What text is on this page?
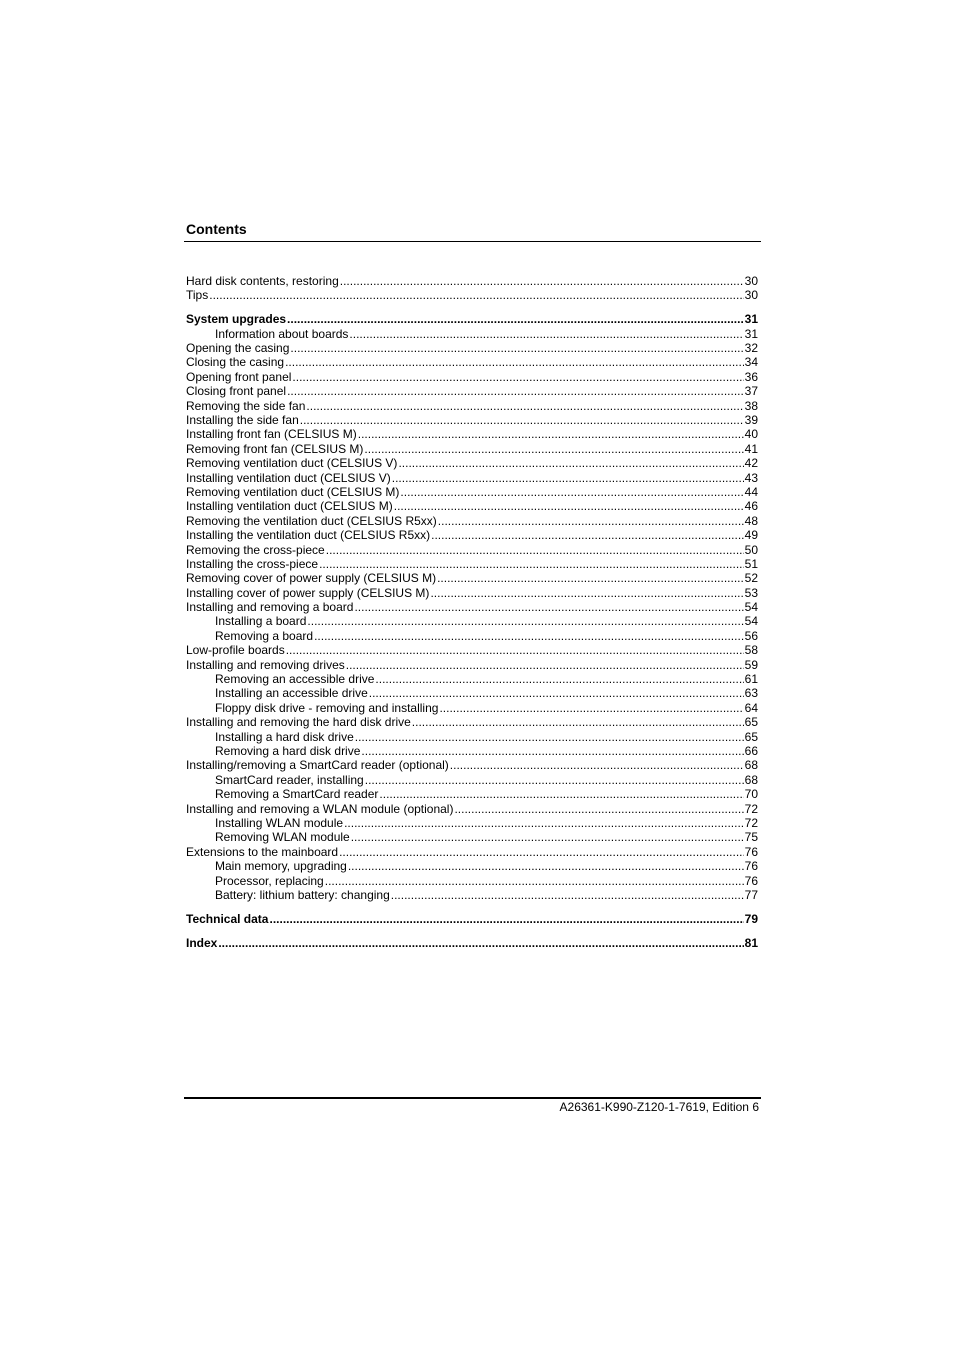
Contents
Hard disk contents, restoring .....	30
Tips .....	30
System upgrades .....	31
Information about boards .....	31
Opening the casing .....	32
Closing the casing .....	34
Opening front panel .....	36
Closing front panel .....	37
Removing the side fan .....	38
Installing the side fan .....	39
Installing front fan (CELSIUS M) .....	40
Removing front fan (CELSIUS M) .....	41
Removing ventilation duct (CELSIUS V) .....	42
Installing ventilation duct (CELSIUS V) .....	43
Removing ventilation duct (CELSIUS M) .....	44
Installing ventilation duct (CELSIUS M) .....	46
Removing the ventilation duct (CELSIUS R5xx) .....	48
Installing the ventilation duct (CELSIUS R5xx) .....	49
Removing the cross-piece .....	50
Installing the cross-piece .....	51
Removing cover of power supply (CELSIUS M) .....	52
Installing cover of power supply (CELSIUS M) .....	53
Installing and removing a board .....	54
Installing a board .....	54
Removing a board .....	56
Low-profile boards .....	58
Installing and removing drives .....	59
Removing an accessible drive .....	61
Installing an accessible drive .....	63
Floppy disk drive - removing and installing .....	64
Installing and removing the hard disk drive .....	65
Installing a hard disk drive .....	65
Removing a hard disk drive .....	66
Installing/removing a SmartCard reader (optional) .....	68
SmartCard reader, installing .....	68
Removing a SmartCard reader .....	70
Installing and removing a WLAN module (optional) .....	72
Installing WLAN module .....	72
Removing WLAN module .....	75
Extensions to the mainboard .....	76
Main memory, upgrading .....	76
Processor, replacing .....	76
Battery: lithium battery: changing .....	77
Technical data .....	79
Index .....	81
A26361-K990-Z120-1-7619, Edition 6
